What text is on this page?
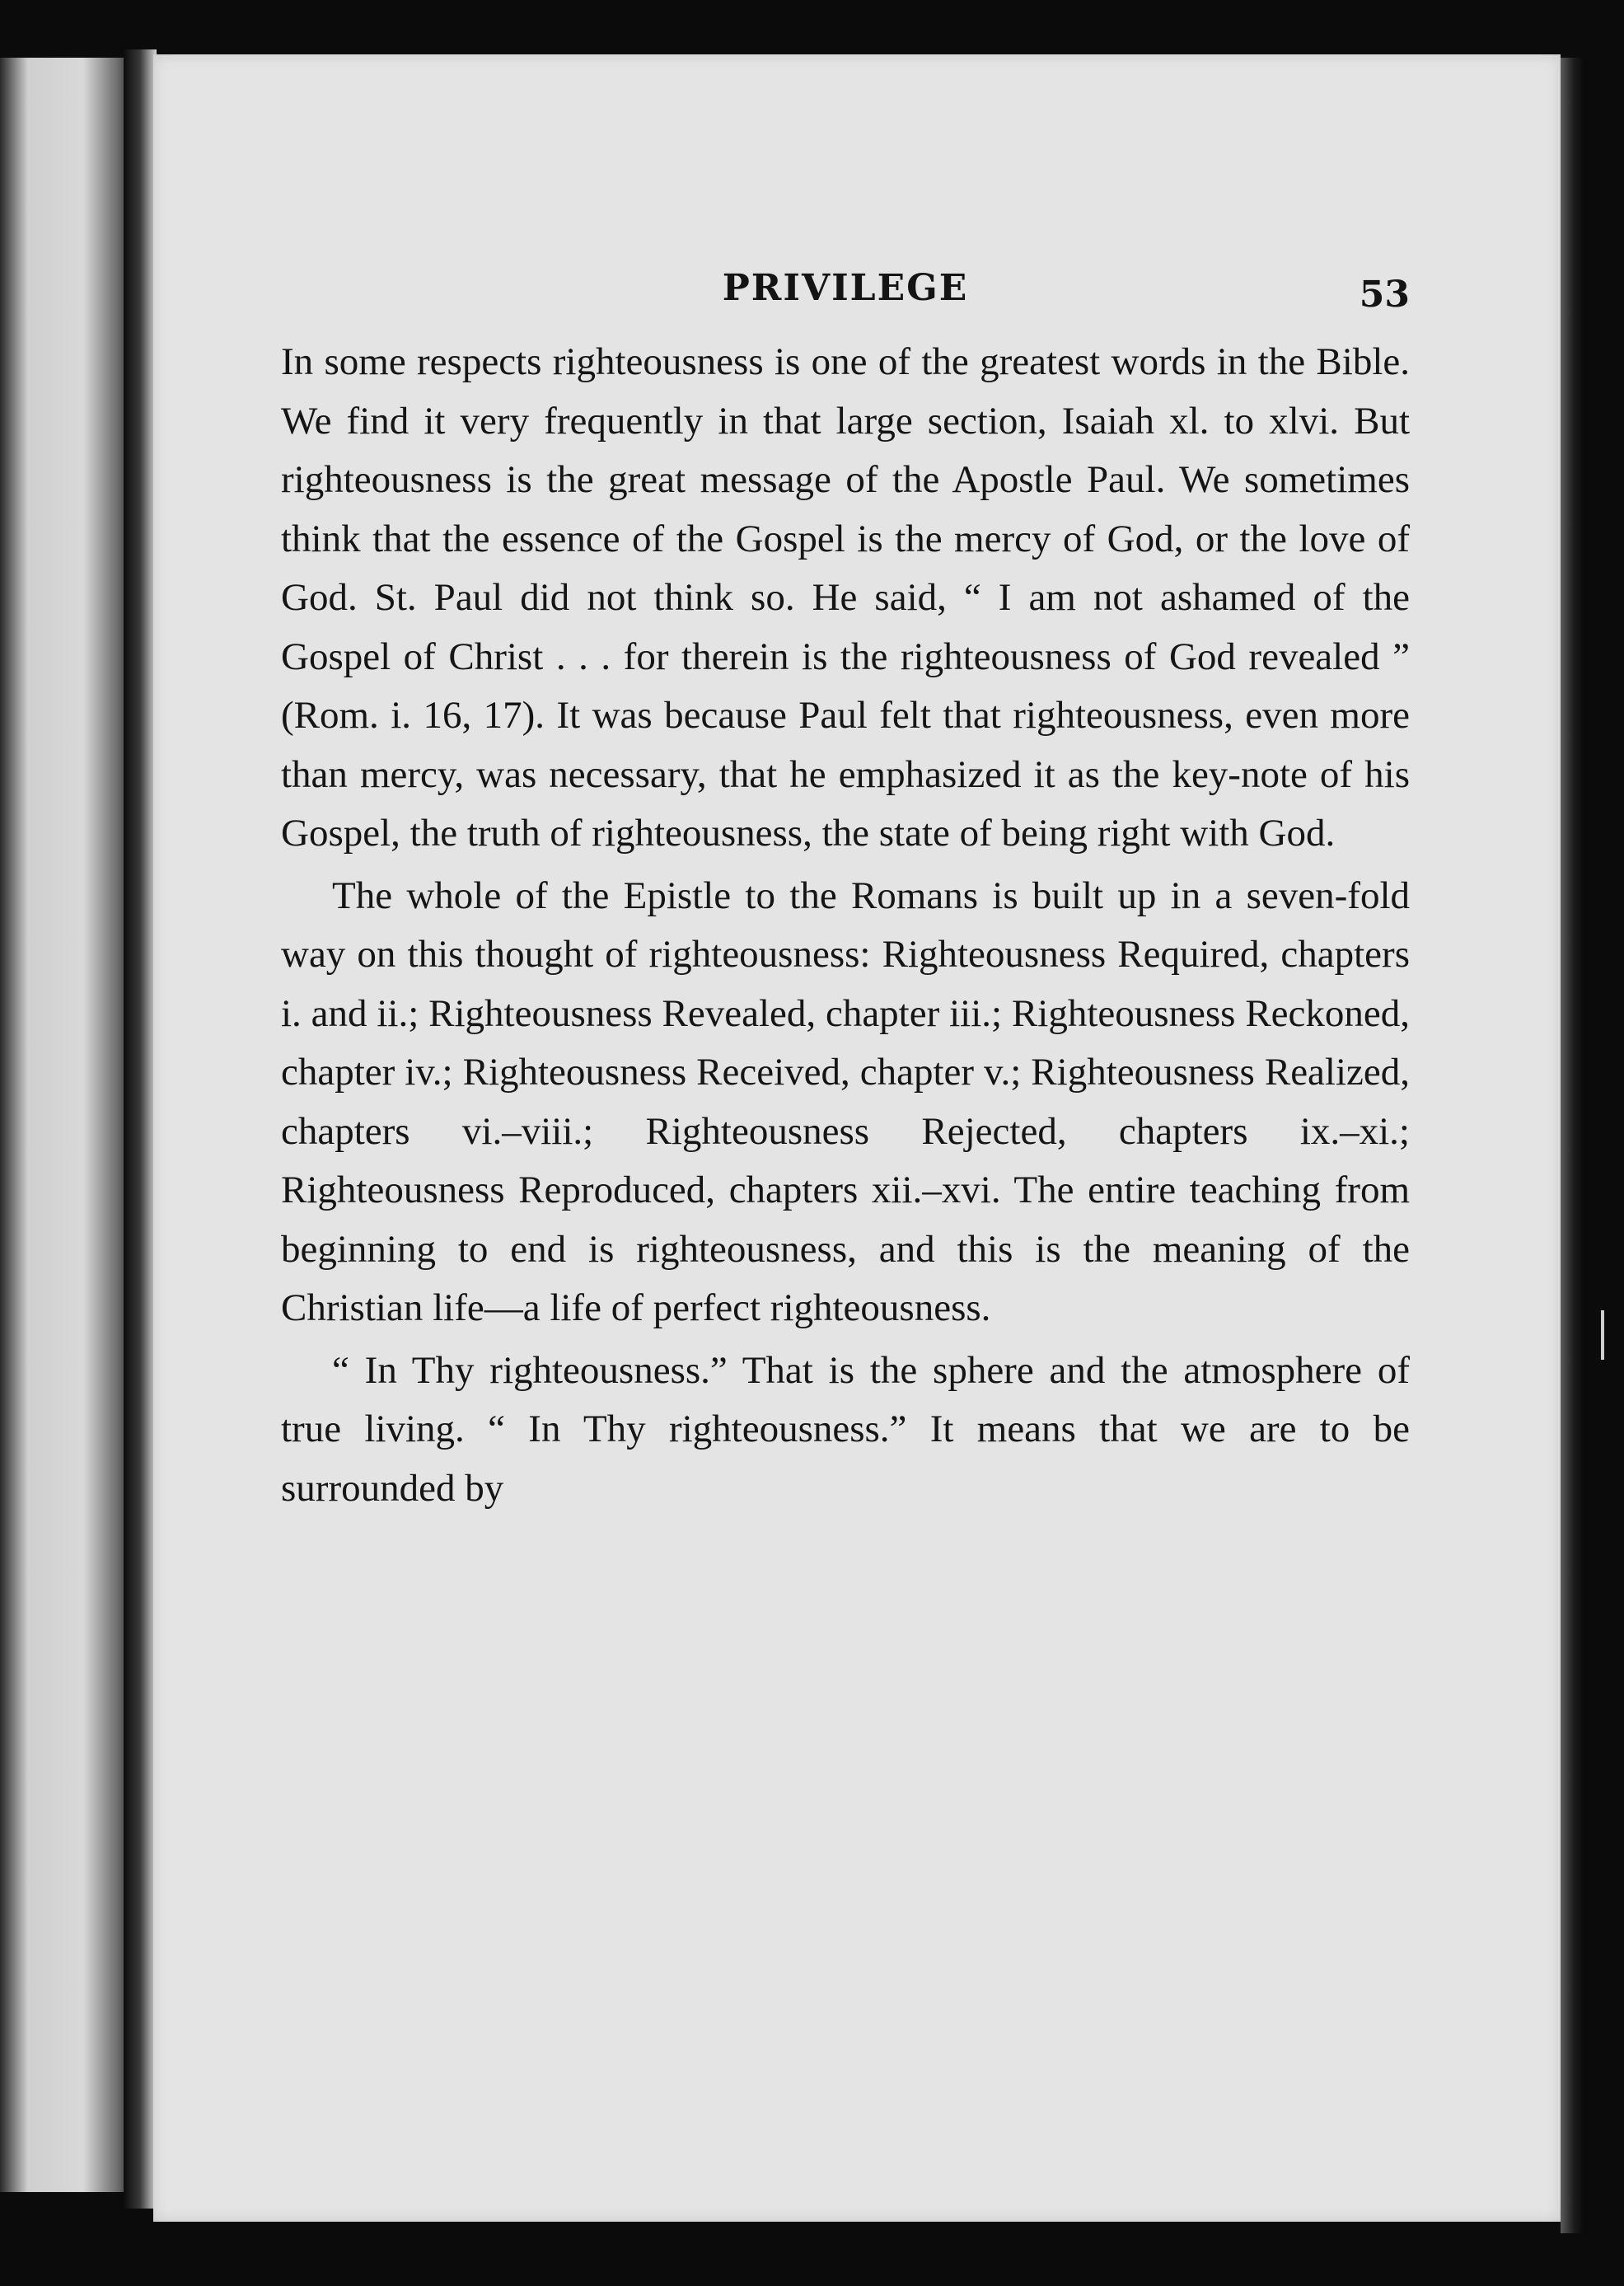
PRIVILEGE	53

In some respects righteousness is one of the greatest words in the Bible. We find it very frequently in that large section, Isaiah xl. to xlvi. But righteousness is the great message of the Apostle Paul. We sometimes think that the essence of the Gospel is the mercy of God, or the love of God. St. Paul did not think so. He said, “ I am not ashamed of the Gospel of Christ . . . for therein is the righteousness of God revealed ” (Rom. i. 16, 17). It was because Paul felt that righteousness, even more than mercy, was necessary, that he emphasized it as the key-note of his Gospel, the truth of righteousness, the state of being right with God.

The whole of the Epistle to the Romans is built up in a seven-fold way on this thought of righteousness: Righteousness Required, chapters i. and ii.; Righteousness Revealed, chapter iii.; Righteousness Reckoned, chapter iv.; Righteousness Received, chapter v.; Righteousness Realized, chapters vi.–viii.; Righteousness Rejected, chapters ix.–xi.; Righteousness Reproduced, chapters xii.–xvi. The entire teaching from beginning to end is righteousness, and this is the meaning of the Christian life—a life of perfect righteousness.

“ In Thy righteousness.” That is the sphere and the atmosphere of true living. “ In Thy righteousness.” It means that we are to be surrounded by
